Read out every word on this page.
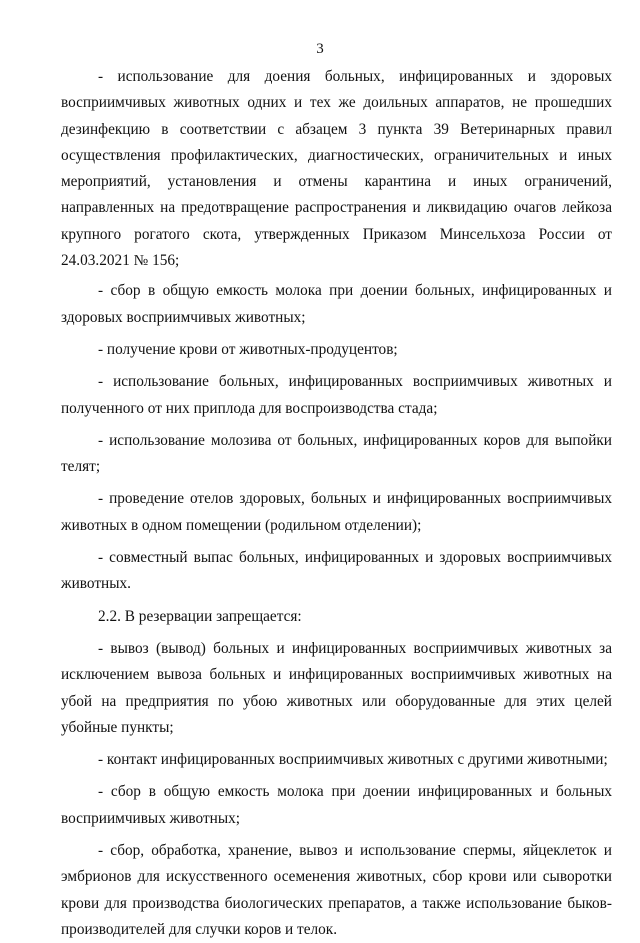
3

- использование для доения больных, инфицированных и здоровых восприимчивых животных одних и тех же доильных аппаратов, не прошедших дезинфекцию в соответствии с абзацем 3 пункта 39 Ветеринарных правил осуществления профилактических, диагностических, ограничительных и иных мероприятий, установления и отмены карантина и иных ограничений, направленных на предотвращение распространения и ликвидацию очагов лейкоза крупного рогатого скота, утвержденных Приказом Минсельхоза России от 24.03.2021 № 156;

- сбор в общую емкость молока при доении больных, инфицированных и здоровых восприимчивых животных;

- получение крови от животных-продуцентов;

- использование больных, инфицированных восприимчивых животных и полученного от них приплода для воспроизводства стада;

- использование молозива от больных, инфицированных коров для выпойки телят;

- проведение отелов здоровых, больных и инфицированных восприимчивых животных в одном помещении (родильном отделении);

- совместный выпас больных, инфицированных и здоровых восприимчивых животных.

2.2. В резервации запрещается:

- вывоз (вывод) больных и инфицированных восприимчивых животных за исключением вывоза больных и инфицированных восприимчивых животных на убой на предприятия по убою животных или оборудованные для этих целей убойные пункты;

- контакт инфицированных восприимчивых животных с другими животными;

- сбор в общую емкость молока при доении инфицированных и больных восприимчивых животных;

- сбор, обработка, хранение, вывоз и использование спермы, яйцеклеток и эмбрионов для искусственного осеменения животных, сбор крови или сыворотки крови для производства биологических препаратов, а также использование быков-производителей для случки коров и телок.
